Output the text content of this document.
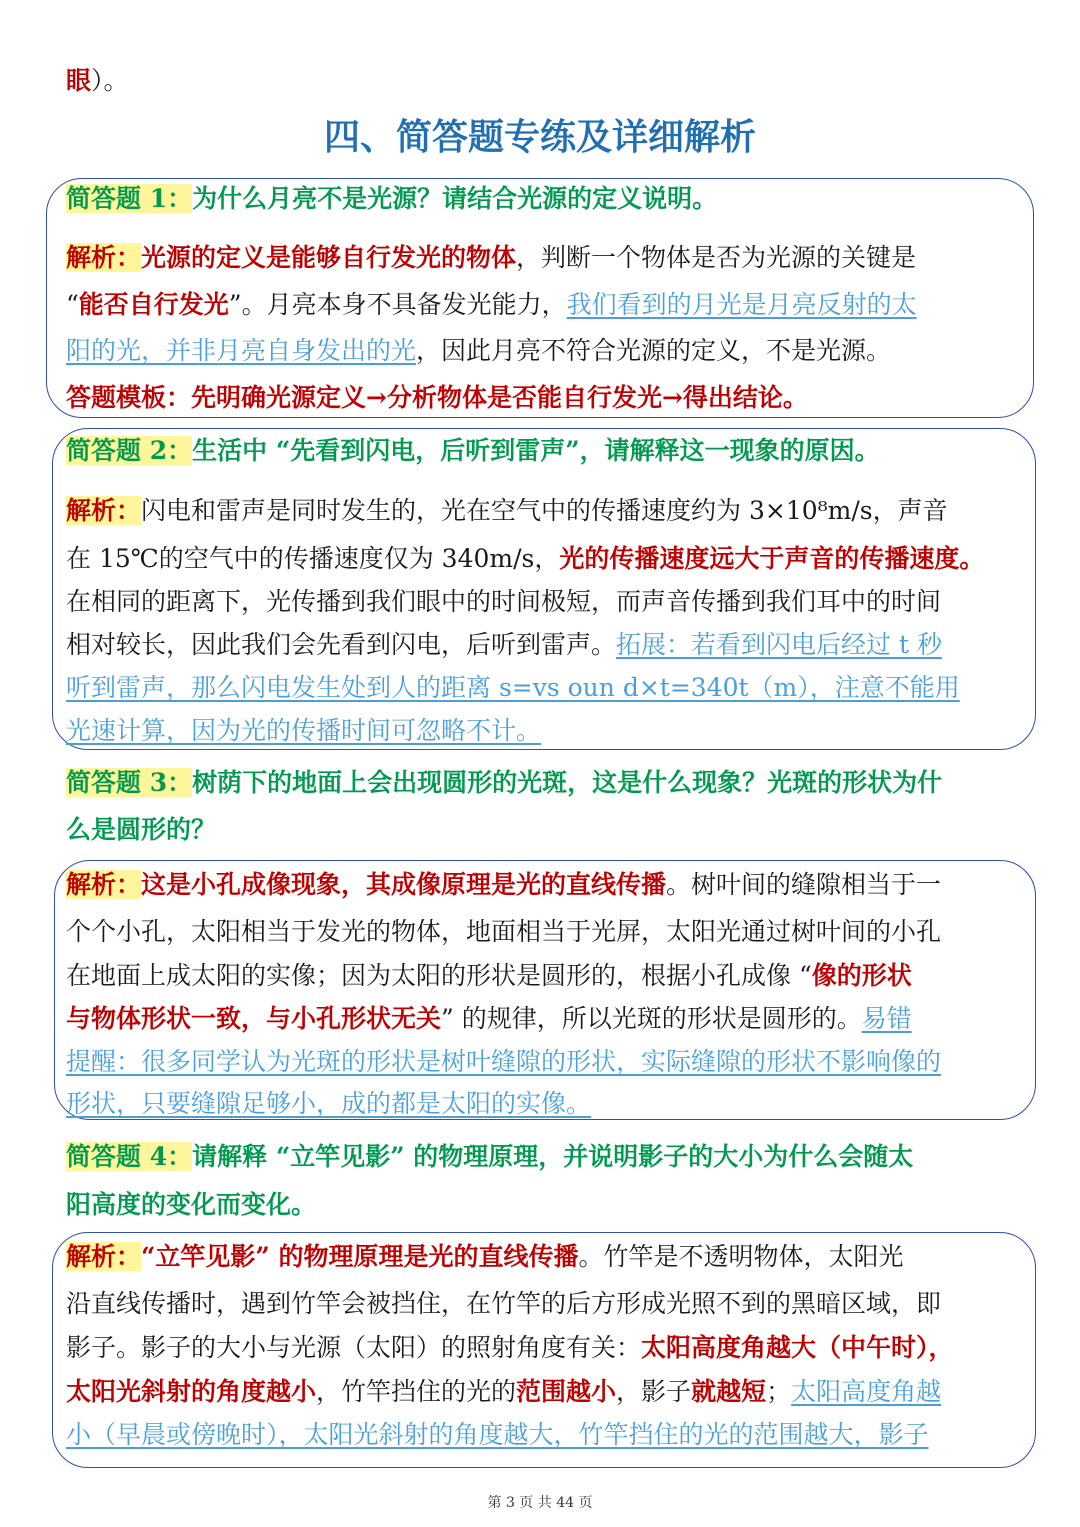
眼）。
四、简答题专练及详细解析
简答题 1：为什么月亮不是光源？请结合光源的定义说明。
解析：光源的定义是能够自行发光的物体，判断一个物体是否为光源的关键是
“能否自行发光”。月亮本身不具备发光能力，我们看到的月光是月亮反射的太
阳的光，并非月亮自身发出的光，因此月亮不符合光源的定义，不是光源。
答题模板：先明确光源定义→分析物体是否能自行发光→得出结论。
简答题 2：生活中 “先看到闪电，后听到雷声”，请解释这一现象的原因。
解析：闪电和雷声是同时发生的，光在空气中的传播速度约为 3×10⁸m/s，声音
在 15℃的空气中的传播速度仅为 340m/s，光的传播速度远大于声音的传播速度。
在相同的距离下，光传播到我们眼中的时间极短，而声音传播到我们耳中的时间
相对较长，因此我们会先看到闪电，后听到雷声。拓展：若看到闪电后经过 t 秒
听到雷声，那么闪电发生处到人的距离 s=vs oun d×t=340t（m），注意不能用
光速计算，因为光的传播时间可忽略不计。
简答题 3：树荫下的地面上会出现圆形的光斑，这是什么现象？光斑的形状为什
么是圆形的？
解析：这是小孔成像现象，其成像原理是光的直线传播。树叶间的缝隙相当于一
个个小孔，太阳相当于发光的物体，地面相当于光屏，太阳光通过树叶间的小孔
在地面上成太阳的实像；因为太阳的形状是圆形的，根据小孔成像 “像的形状
与物体形状一致，与小孔形状无关” 的规律，所以光斑的形状是圆形的。易错
提醒：很多同学认为光斑的形状是树叶缝隙的形状，实际缝隙的形状不影响像的
形状，只要缝隙足够小，成的都是太阳的实像。
简答题 4：请解释 “立竿见影” 的物理原理，并说明影子的大小为什么会随太
阳高度的变化而变化。
解析：“立竿见影” 的物理原理是光的直线传播。竹竿是不透明物体，太阳光
沿直线传播时，遇到竹竿会被挡住，在竹竿的后方形成光照不到的黑暗区域，即
影子。影子的大小与光源（太阳）的照射角度有关：太阳高度角越大（中午时），
太阳光斜射的角度越小，竹竿挡住的光的范围越小，影子就越短；太阳高度角越
小（早晨或傍晚时），太阳光斜射的角度越大，竹竿挡住的光的范围越大，影子
第 3 页 共 44 页
